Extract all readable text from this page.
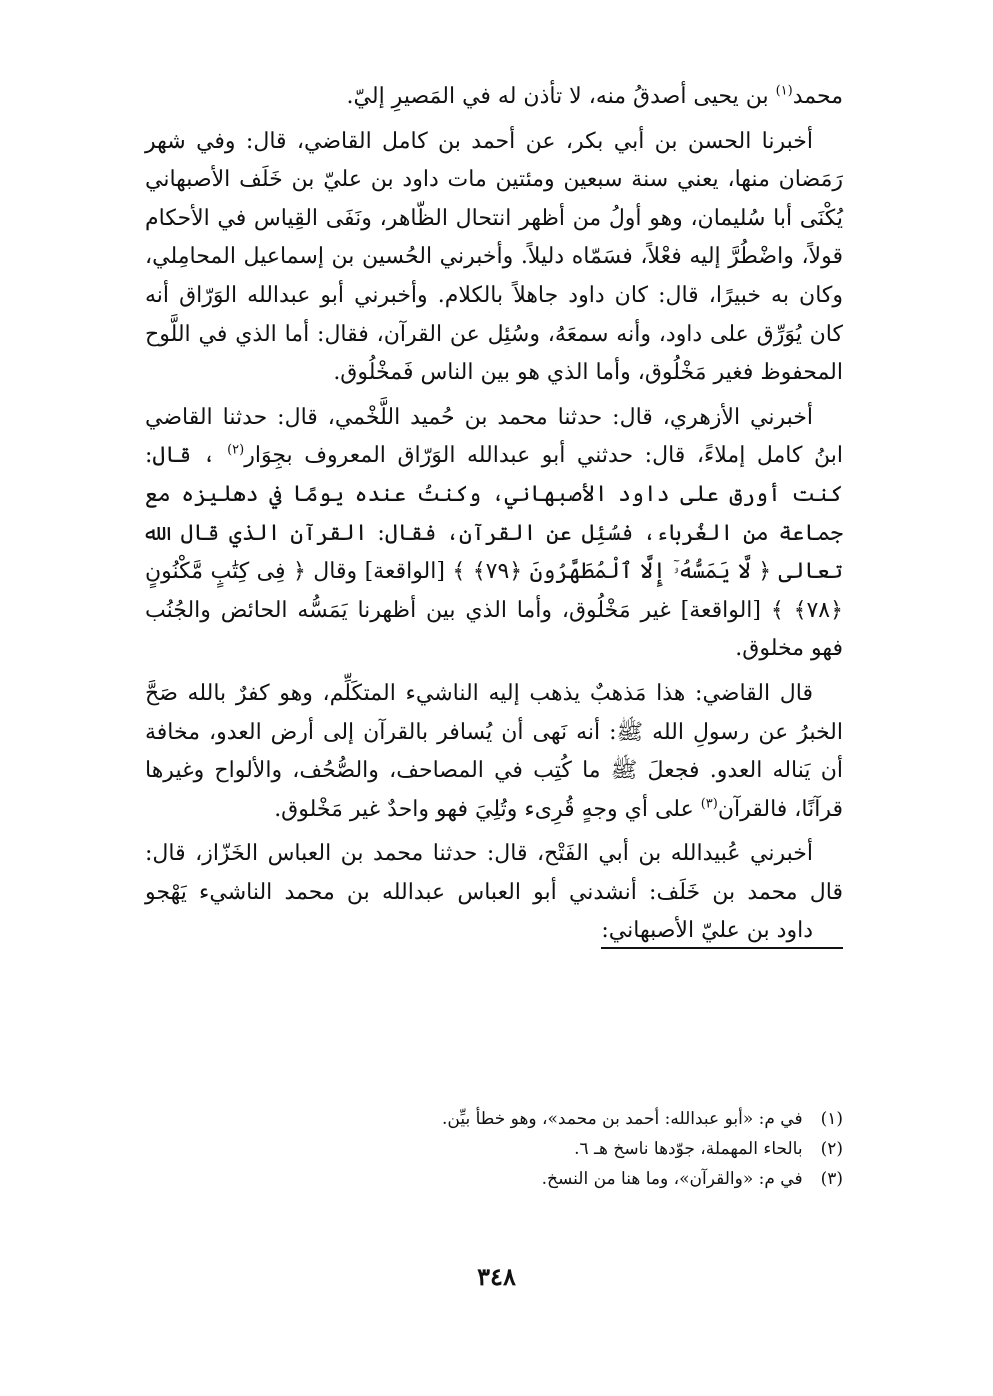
محمد$^{(١)}$ بن يحيى أصدقُ منه، لا تأذن له في المَصيرِ إليّ.

أخبرنا الحسن بن أبي بكر، عن أحمد بن كامل القاضي، قال: وفي شهر رَمَضان منها، يعني سنة سبعين ومئتين مات داود بن عليّ بن خَلَف الأصبهاني يُكْنَى أبا سُليمان، وهو أولُ من أظهر انتحال الظّاهر، ونَفَى القِياس في الأحكام قولاً، واضْطُرَّ إليه فعْلاً، فسَمّاه دليلاً. وأخبرني الحُسين بن إسماعيل المحامِلي، وكان به خبيرًا، قال: كان داود جاهلاً بالكلام. وأخبرني أبو عبدالله الوَرّاق أنه كان يُوَرِّق على داود، وأنه سمعَهُ، وسُئِل عن القرآن، فقال: أما الذي في اللَّوح المحفوظ فغير مَخْلُوق، وأما الذي هو بين الناس فَمخْلُوق.

أخبرني الأزهري، قال: حدثنا محمد بن حُميد اللَّخْمي، قال: حدثنا القاضي ابنُ كامل إملاءً، قال: حدثني أبو عبدالله الوَرّاق المعروف بجِوَار$^{(٢)}$ ، قال: كنت أورق على داود الأصبهاني، وكنتُ عنده يومًا في دهليزه مع جماعة من الغُرباء، فسُئِل عن القرآن، فقال: القرآن الذي قال الله تعالى ﴿ لَّا يَمَسُّهُۥٓ إِلَّا ٱلْمُطَهَّرُونَ ﴿٧٩﴾ ﴾ [الواقعة] وقال ﴿ فِى كِتَٰبٍ مَّكْنُونٍ ﴿٧٨﴾ ﴾ [الواقعة] غير مَخْلُوق، وأما الذي بين أظهرنا يَمَسُّه الحائض والجُنُب فهو مخلوق.

قال القاضي: هذا مَذهبٌ يذهب إليه الناشيء المتكَلِّم، وهو كفرٌ بالله صَحَّ الخبرُ عن رسولِ الله ﷺ: أنه نَهى أن يُسافر بالقرآن إلى أرض العدو، مخافة أن يَناله العدو. فجعلَ ﷺ ما كُتِب في المصاحف، والصُّحُف، والألواح وغيرها قرآنًا، فالقرآن$^{(٣)}$ على أي وجهٍ قُرِىء وتُلِيَ فهو واحدٌ غير مَخْلوق.

أخبرني عُبيدالله بن أبي الفَتْح، قال: حدثنا محمد بن العباس الخَزّاز، قال: قال محمد بن خَلَف: أنشدني أبو العباس عبدالله بن محمد الناشيء يَهْجو داود بن عليّ الأصبهاني:

(١)في م: «أبو عبدالله: أحمد بن محمد»، وهو خطأ بيِّن.
(٢)بالحاء المهملة، جوّدها ناسخ هـ ٦.
(٣)في م: «والقرآن»، وما هنا من النسخ.
٣٤٨
